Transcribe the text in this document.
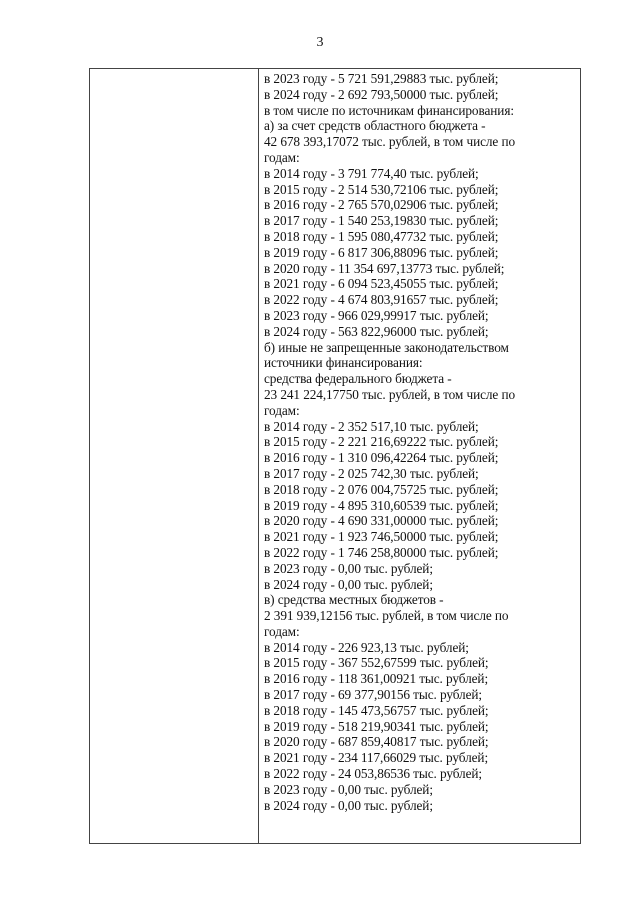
3
в 2023 году - 5 721 591,29883 тыс. рублей;
в 2024 году - 2 692 793,50000 тыс. рублей;
в том числе по источникам финансирования:
а) за счет средств областного бюджета -
42 678 393,17072 тыс. рублей, в том числе по
годам:
в 2014 году - 3 791 774,40 тыс. рублей;
в 2015 году - 2 514 530,72106 тыс. рублей;
в 2016 году - 2 765 570,02906 тыс. рублей;
в 2017 году - 1 540 253,19830 тыс. рублей;
в 2018 году - 1 595 080,47732 тыс. рублей;
в 2019 году - 6 817 306,88096 тыс. рублей;
в 2020 году - 11 354 697,13773 тыс. рублей;
в 2021 году - 6 094 523,45055 тыс. рублей;
в 2022 году - 4 674 803,91657 тыс. рублей;
в 2023 году - 966 029,99917 тыс. рублей;
в 2024 году - 563 822,96000 тыс. рублей;
б) иные не запрещенные законодательством
источники финансирования:
средства федерального бюджета -
23 241 224,17750 тыс. рублей, в том числе по
годам:
в 2014 году - 2 352 517,10 тыс. рублей;
в 2015 году - 2 221 216,69222 тыс. рублей;
в 2016 году - 1 310 096,42264 тыс. рублей;
в 2017 году - 2 025 742,30 тыс. рублей;
в 2018 году - 2 076 004,75725 тыс. рублей;
в 2019 году - 4 895 310,60539 тыс. рублей;
в 2020 году - 4 690 331,00000 тыс. рублей;
в 2021 году - 1 923 746,50000 тыс. рублей;
в 2022 году - 1 746 258,80000 тыс. рублей;
в 2023 году - 0,00 тыс. рублей;
в 2024 году - 0,00 тыс. рублей;
в) средства местных бюджетов -
2 391 939,12156 тыс. рублей, в том числе по
годам:
в 2014 году - 226 923,13 тыс. рублей;
в 2015 году - 367 552,67599 тыс. рублей;
в 2016 году - 118 361,00921 тыс. рублей;
в 2017 году - 69 377,90156 тыс. рублей;
в 2018 году - 145 473,56757 тыс. рублей;
в 2019 году - 518 219,90341 тыс. рублей;
в 2020 году - 687 859,40817 тыс. рублей;
в 2021 году - 234 117,66029 тыс. рублей;
в 2022 году - 24 053,86536 тыс. рублей;
в 2023 году - 0,00 тыс. рублей;
в 2024 году - 0,00 тыс. рублей;
